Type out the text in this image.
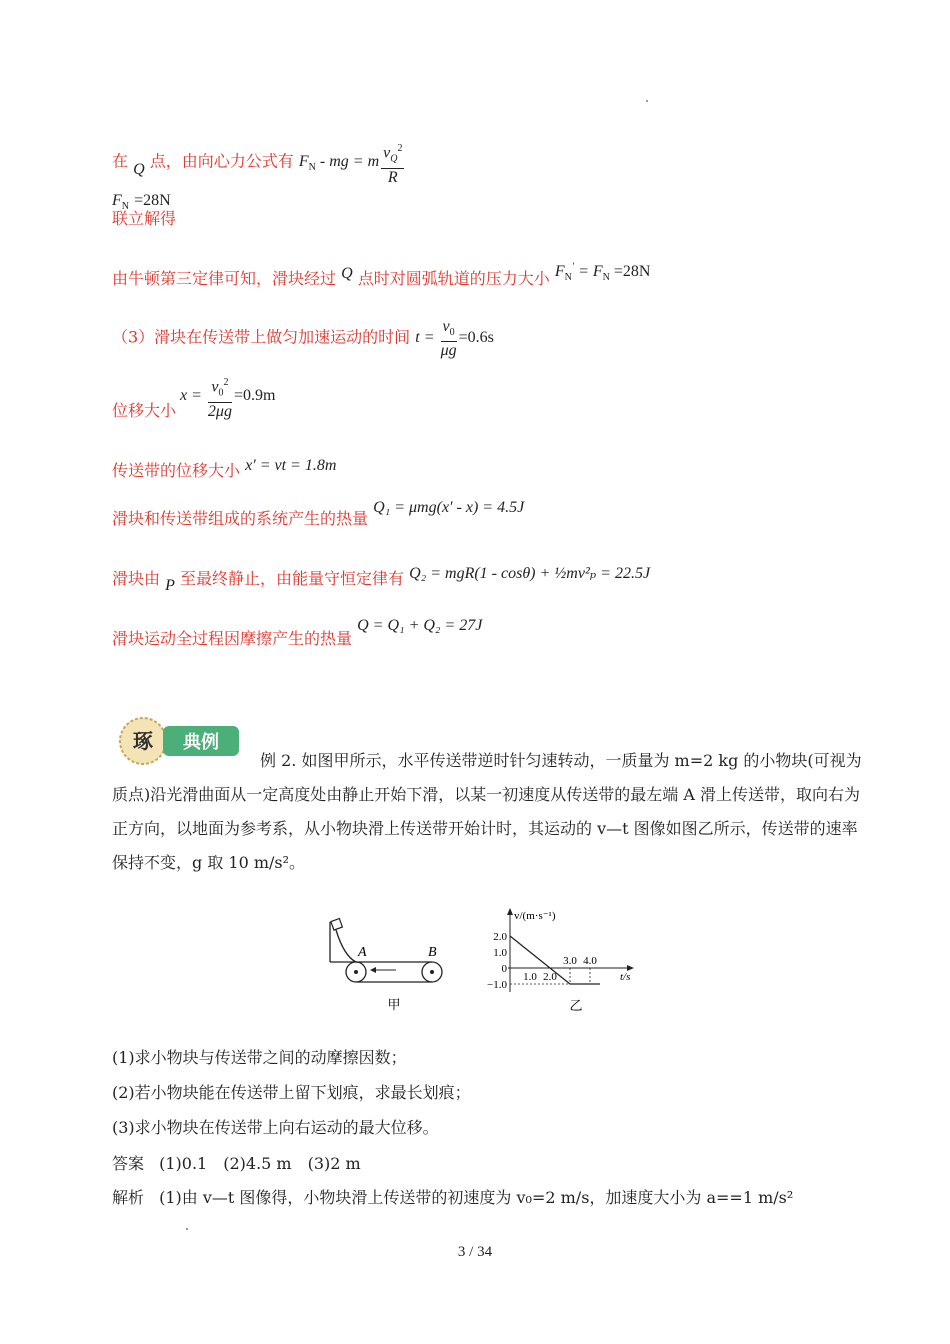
在 Q 点，由向心力公式有 $F_N$ - mg = m $\frac{v_Q^2}{R}$
$F_N =28N$
联立解得
由牛顿第三定律可知，滑块经过 Q 点时对圆弧轨道的压力大小 $F_N' = F_N =28N$
（3）滑块在传送带上做匀加速运动的时间 $t = \frac{v_0}{\mu g} =0.6s$
$x = \frac{v_0^2}{2\mu g} =0.9m$
位移大小
传送带的位移大小 x′ = vt = 1.8m
滑块和传送带组成的系统产生的热量 Q₁ = μmg(x′ - x) = 4.5J
滑块由 P 至最终静止，由能量守恒定律有 Q₂ = mgR(1 - cosθ) + ½mv²ₚ = 22.5J
滑块运动全过程因摩擦产生的热量 Q = Q₁ + Q₂ = 27J
琢 典例
例 2. 如图甲所示，水平传送带逆时针匀速转动，一质量为 m=2 kg 的小物块(可视为质点)沿光滑曲面从一定高度处由静止开始下滑，以某一初速度从传送带的最左端 A 滑上传送带，取向右为正方向，以地面为参考系，从小物块滑上传送带开始计时，其运动的 v—t 图像如图乙所示，传送带的速率保持不变，g 取 10 m/s²。
A	B
甲
v/(m·s⁻¹)
t/s
2.0
1.0
0
−1.0
1.0 2.0
3.0 4.0
乙
(1)求小物块与传送带之间的动摩擦因数；
(2)若小物块能在传送带上留下划痕，求最长划痕；
(3)求小物块在传送带上向右运动的最大位移。
答案 (1)0.1　(2)4.5 m　(3)2 m
解析 (1)由 v—t 图像得，小物块滑上传送带的初速度为 v₀=2 m/s，加速度大小为 a==1 m/s²
3 / 34
